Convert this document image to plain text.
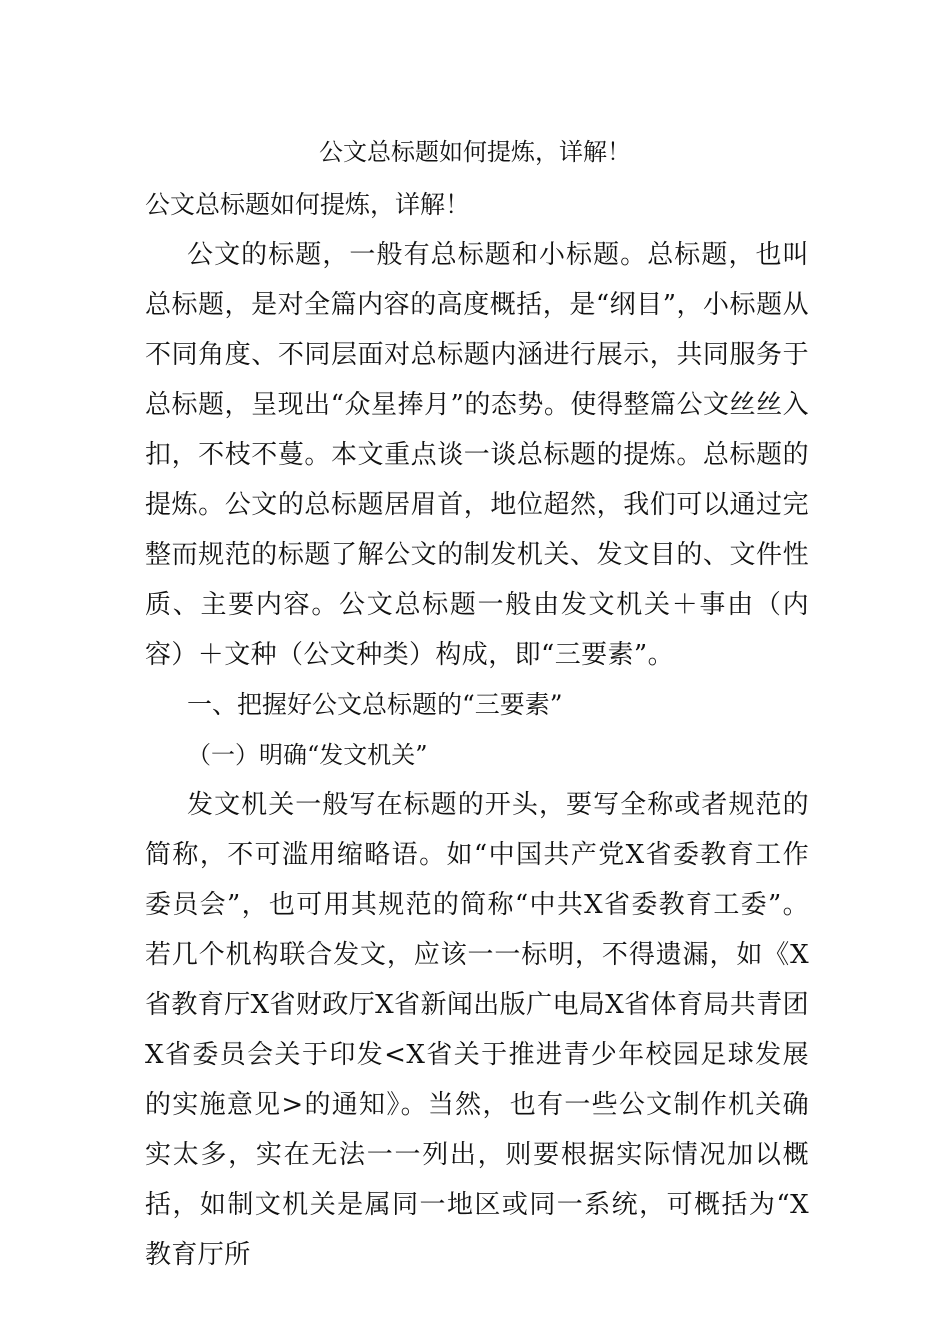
公文总标题如何提炼，详解！

公文总标题如何提炼，详解！

公文的标题，一般有总标题和小标题。总标题，也叫总标题，是对全篇内容的高度概括，是“纲目”，小标题从不同角度、不同层面对总标题内涵进行展示，共同服务于总标题，呈现出“众星捧月”的态势。使得整篇公文丝丝入扣，不枝不蔓。本文重点谈一谈总标题的提炼。总标题的提炼。公文的总标题居眉首，地位超然，我们可以通过完整而规范的标题了解公文的制发机关、发文目的、文件性质、主要内容。公文总标题一般由发文机关＋事由（内容）＋文种（公文种类）构成，即“三要素”。

一、把握好公文总标题的“三要素”

（一）明确“发文机关”

发文机关一般写在标题的开头，要写全称或者规范的简称，不可滥用缩略语。如“中国共产党X省委教育工作委员会”，也可用其规范的简称“中共X省委教育工委”。若几个机构联合发文，应该一一标明，不得遗漏，如《X省教育厅X省财政厅X省新闻出版广电局X省体育局共青团X省委员会关于印发<X省关于推进青少年校园足球发展的实施意见>的通知》。当然，也有一些公文制作机关确实太多，实在无法一一列出，则要根据实际情况加以概括，如制文机关是属同一地区或同一系统，可概括为“X教育厅所
